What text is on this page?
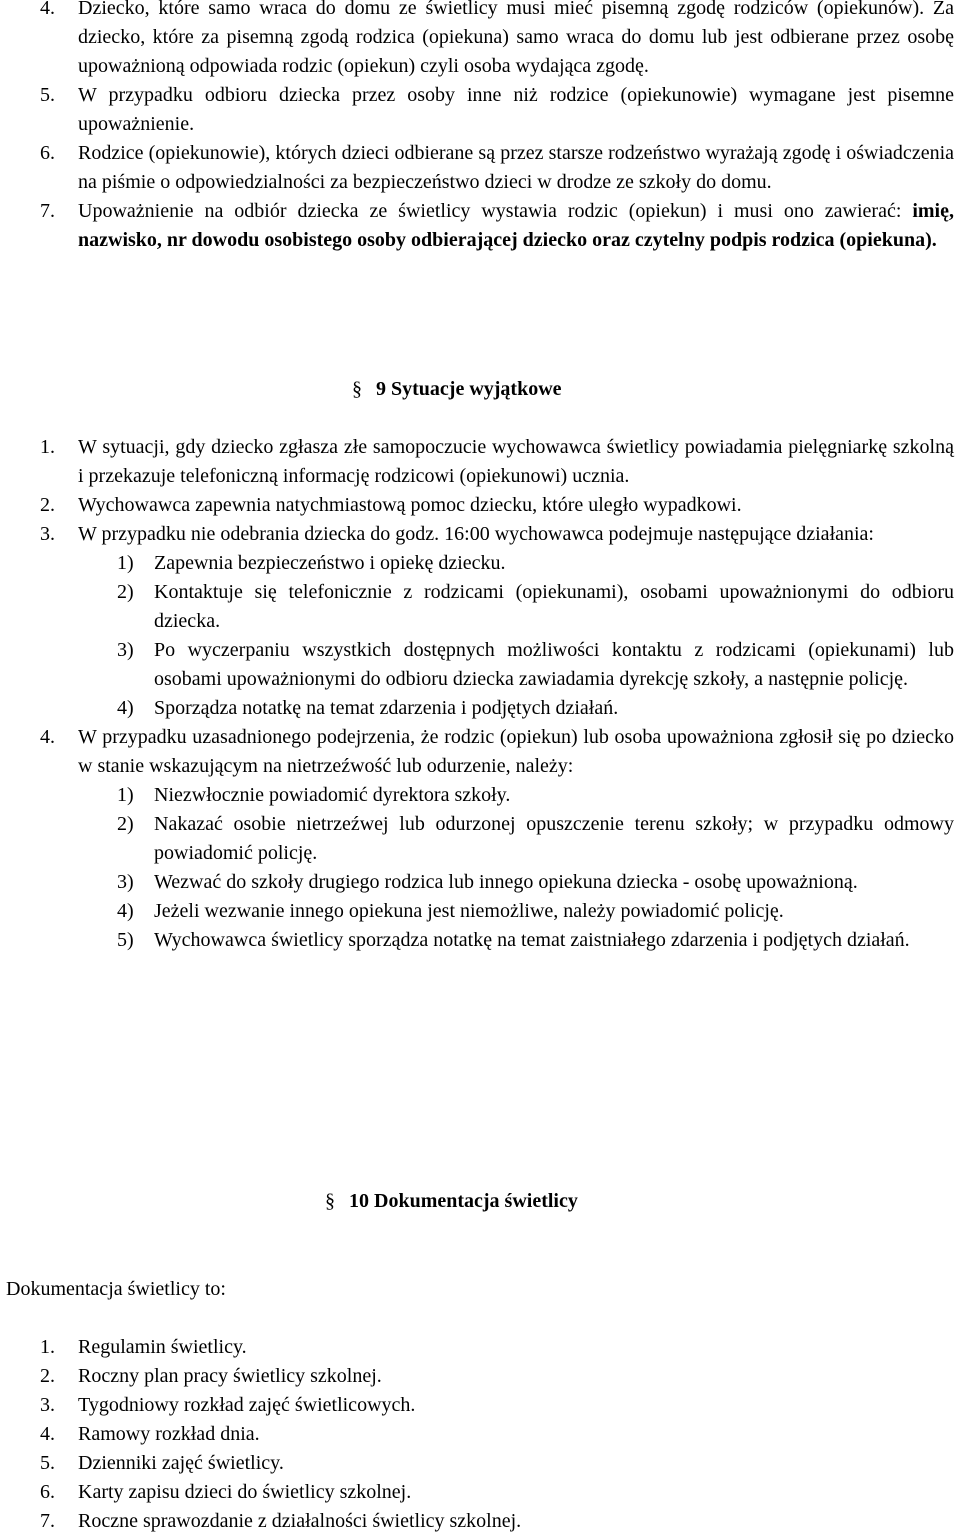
4. Dziecko, które samo wraca do domu ze świetlicy musi mieć pisemną zgodę rodziców (opiekunów). Za dziecko, które za pisemną zgodą rodzica (opiekuna) samo wraca do domu lub jest odbierane przez osobę upoważnioną odpowiada rodzic (opiekun) czyli osoba wydająca zgodę.
5. W przypadku odbioru dziecka przez osoby inne niż rodzice (opiekunowie) wymagane jest pisemne upoważnienie.
6. Rodzice (opiekunowie), których dzieci odbierane są przez starsze rodzeństwo wyrażają zgodę i oświadczenia na piśmie o odpowiedzialności za bezpieczeństwo dzieci w drodze ze szkoły do domu.
7. Upoważnienie na odbiór dziecka ze świetlicy wystawia rodzic (opiekun) i musi ono zawierać: imię, nazwisko, nr dowodu osobistego osoby odbierającej dziecko oraz czytelny podpis rodzica (opiekuna).
§ 9 Sytuacje wyjątkowe
1. W sytuacji, gdy dziecko zgłasza złe samopoczucie wychowawca świetlicy powiadamia pielęgniarkę szkolną i przekazuje telefoniczną informację rodzicowi (opiekunowi) ucznia.
2. Wychowawca zapewnia natychmiastową pomoc dziecku, które uległo wypadkowi.
3. W przypadku nie odebrania dziecka do godz. 16:00 wychowawca podejmuje następujące działania:
1) Zapewnia bezpieczeństwo i opiekę dziecku.
2) Kontaktuje się telefonicznie z rodzicami (opiekunami), osobami upoważnionymi do odbioru dziecka.
3) Po wyczerpaniu wszystkich dostępnych możliwości kontaktu z rodzicami (opiekunami) lub osobami upoważnionymi do odbioru dziecka zawiadamia dyrekcję szkoły, a następnie policję.
4) Sporządza notatkę na temat zdarzenia i podjętych działań.
4. W przypadku uzasadnionego podejrzenia, że rodzic (opiekun) lub osoba upoważniona zgłosił się po dziecko w stanie wskazującym na nietrzeźwość lub odurzenie, należy:
1) Niezwłocznie powiadomić dyrektora szkoły.
2) Nakazać osobie nietrzeźwej lub odurzonej opuszczenie terenu szkoły; w przypadku odmowy powiadomić policję.
3) Wezwać do szkoły drugiego rodzica lub innego opiekuna dziecka - osobę upoważnioną.
4) Jeżeli wezwanie innego opiekuna jest niemożliwe, należy powiadomić policję.
5) Wychowawca świetlicy sporządza notatkę na temat zaistniałego zdarzenia i podjętych działań.
§ 10 Dokumentacja świetlicy
Dokumentacja świetlicy to:
1. Regulamin świetlicy.
2. Roczny plan pracy świetlicy szkolnej.
3. Tygodniowy rozkład zajęć świetlicowych.
4. Ramowy rozkład dnia.
5. Dzienniki zajęć świetlicy.
6. Karty zapisu dzieci do świetlicy szkolnej.
7. Roczne sprawozdanie z działalności świetlicy szkolnej.
